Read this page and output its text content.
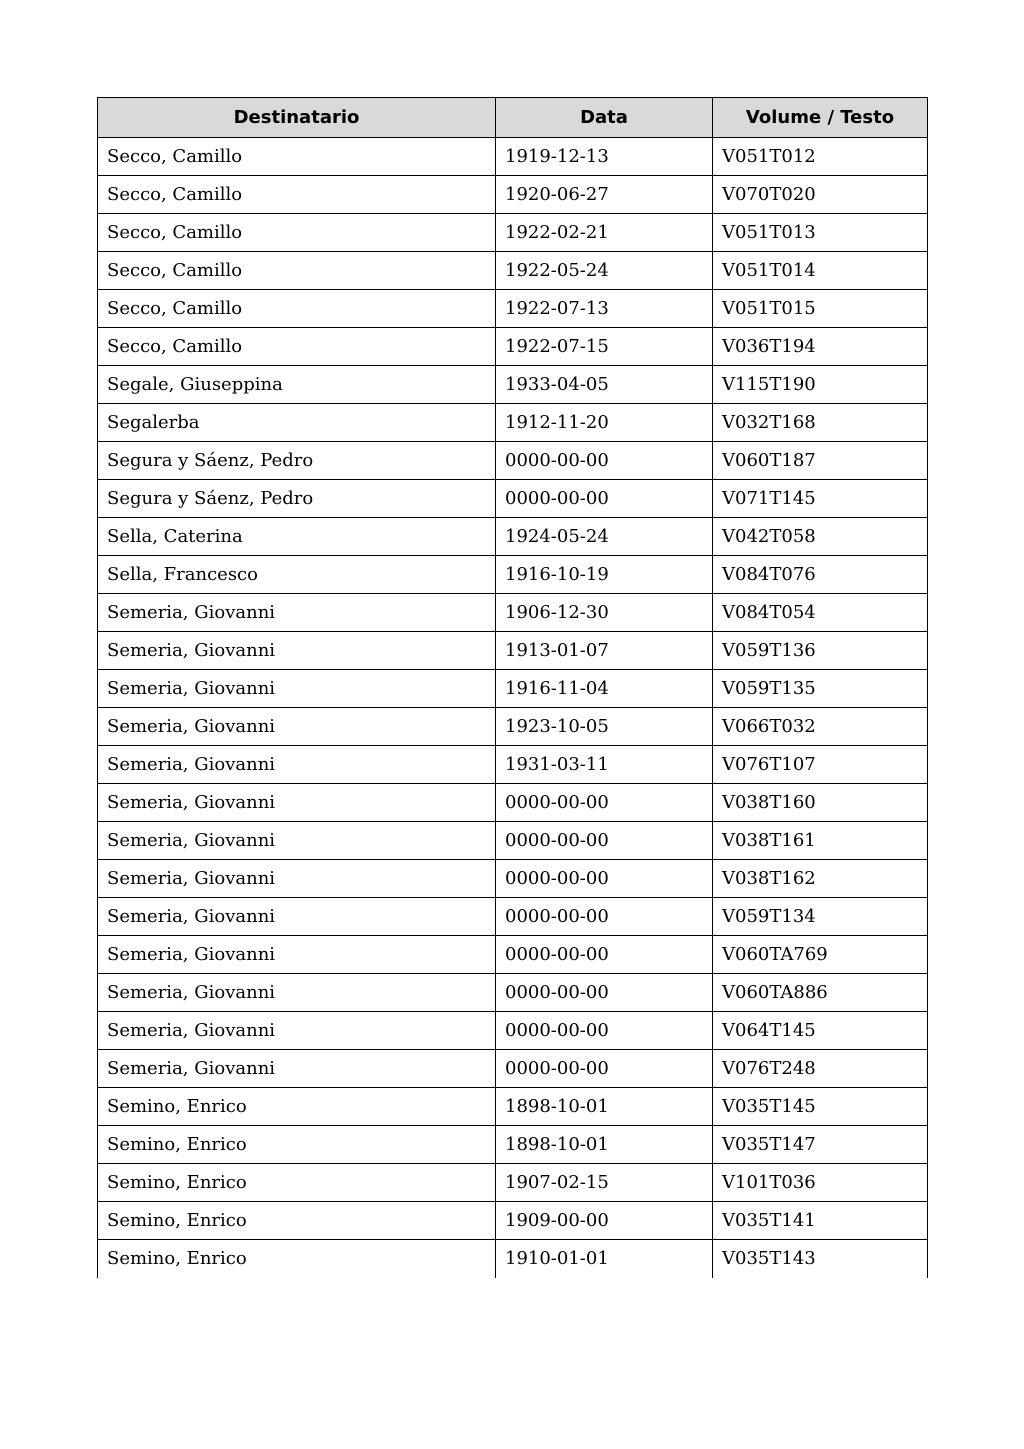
Destinatario	Data	Volume / Testo
Secco, Camillo	1919-12-13	V051T012
Secco, Camillo	1920-06-27	V070T020
Secco, Camillo	1922-02-21	V051T013
Secco, Camillo	1922-05-24	V051T014
Secco, Camillo	1922-07-13	V051T015
Secco, Camillo	1922-07-15	V036T194
Segale, Giuseppina	1933-04-05	V115T190
Segalerba	1912-11-20	V032T168
Segura y Sáenz, Pedro	0000-00-00	V060T187
Segura y Sáenz, Pedro	0000-00-00	V071T145
Sella, Caterina	1924-05-24	V042T058
Sella, Francesco	1916-10-19	V084T076
Semeria, Giovanni	1906-12-30	V084T054
Semeria, Giovanni	1913-01-07	V059T136
Semeria, Giovanni	1916-11-04	V059T135
Semeria, Giovanni	1923-10-05	V066T032
Semeria, Giovanni	1931-03-11	V076T107
Semeria, Giovanni	0000-00-00	V038T160
Semeria, Giovanni	0000-00-00	V038T161
Semeria, Giovanni	0000-00-00	V038T162
Semeria, Giovanni	0000-00-00	V059T134
Semeria, Giovanni	0000-00-00	V060TA769
Semeria, Giovanni	0000-00-00	V060TA886
Semeria, Giovanni	0000-00-00	V064T145
Semeria, Giovanni	0000-00-00	V076T248
Semino, Enrico	1898-10-01	V035T145
Semino, Enrico	1898-10-01	V035T147
Semino, Enrico	1907-02-15	V101T036
Semino, Enrico	1909-00-00	V035T141
Semino, Enrico	1910-01-01	V035T143
